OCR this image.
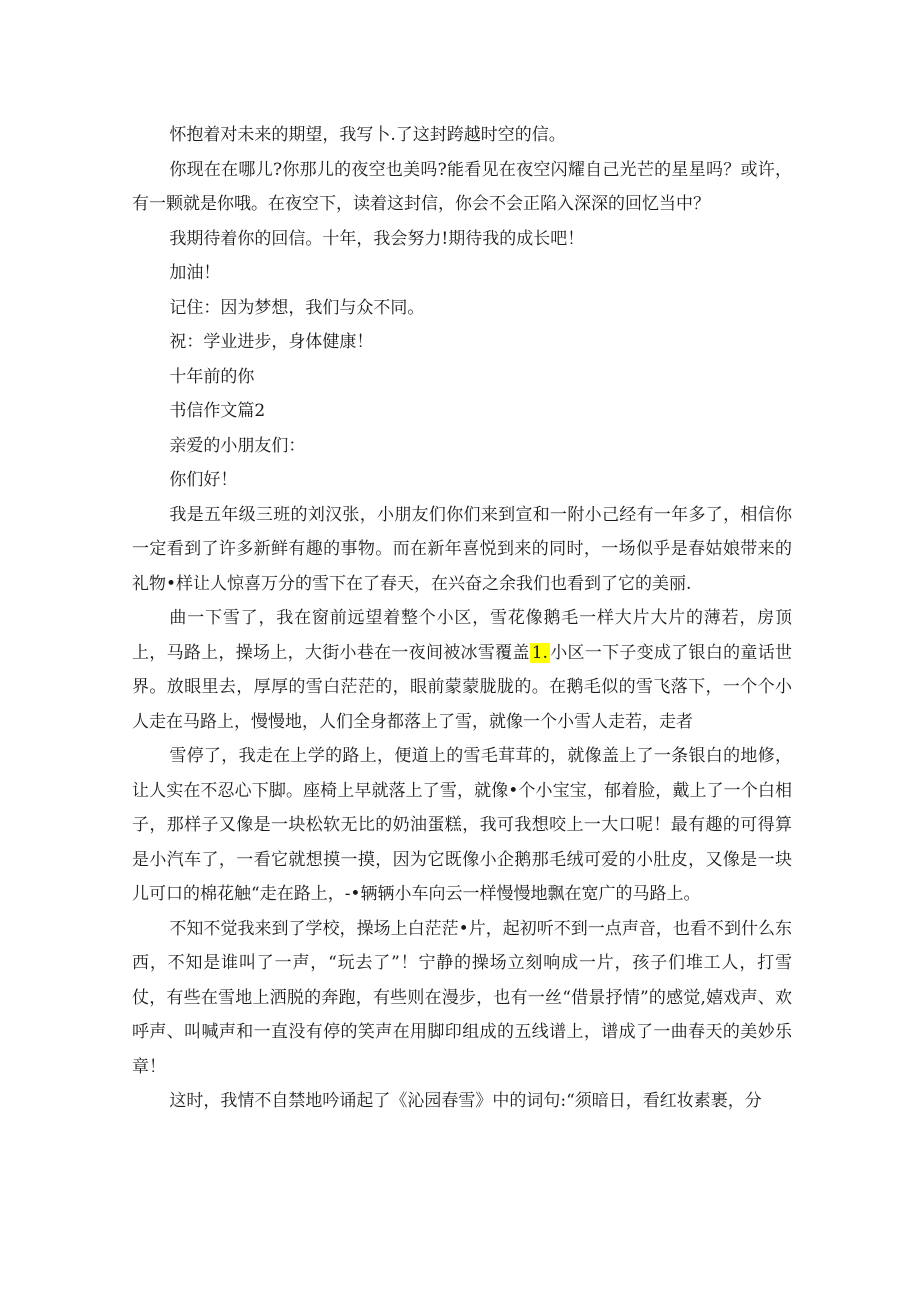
怀抱着对未来的期望，我写卜.了这封跨越时空的信。

你现在在哪儿?你那儿的夜空也美吗?能看见在夜空闪耀自己光芒的星星吗？或许，有一颗就是你哦。在夜空下，读着这封信，你会不会正陷入深深的回忆当中？

我期待着你的回信。十年，我会努力!期待我的成长吧！

加油！

记住：因为梦想，我们与众不同。

祝：学业进步，身体健康！

十年前的你

书信作文篇2

亲爱的小朋友们：

你们好！

我是五年级三班的刘汉张，小朋友们你们来到宣和一附小己经有一年多了，相信你一定看到了许多新鲜有趣的事物。而在新年喜悦到来的同时，一场似乎是春姑娘带来的礼物•样让人惊喜万分的雪下在了春天，在兴奋之余我们也看到了它的美丽.

曲一下雪了，我在窗前远望着整个小区，雪花像鹅毛一样大片大片的薄若，房顶上，马路上，操场上，大街小巷在一夜间被冰雪覆盖 1. 小区一下子变成了银白的童话世界。放眼里去，厚厚的雪白茫茫的，眼前蒙蒙胧胧的。在鹅毛似的雪飞落下，一个个小人走在马路上，慢慢地，人们全身都落上了雪，就像一个小雪人走若，走者

雪停了，我走在上学的路上，便道上的雪毛茸茸的，就像盖上了一条银白的地修，让人实在不忍心下脚。座椅上早就落上了雪，就像•个小宝宝，郁着脸，戴上了一个白相子，那样子又像是一块松软无比的奶油蛋糕，我可我想咬上一大口呢！最有趣的可得算是小汽车了，一看它就想摸一摸，因为它既像小企鹅那毛绒可爱的小肚皮，又像是一块儿可口的棉花触“走在路上，-•辆辆小车向云一样慢慢地飘在宽广的马路上。

不知不觉我来到了学校，操场上白茫茫•片，起初听不到一点声音，也看不到什么东西，不知是谁叫了一声，“玩去了”！宁静的操场立刻响成一片，孩子们堆工人，打雪仗，有些在雪地上洒脱的奔跑，有些则在漫步，也有一丝“借景抒情”的感觉,嬉戏声、欢呼声、叫喊声和一直没有停的笑声在用脚印组成的五线谱上，谱成了一曲春天的美妙乐章！

这时，我情不自禁地吟诵起了《沁园春雪》中的词句:“须暗日，看红妆素裹，分
